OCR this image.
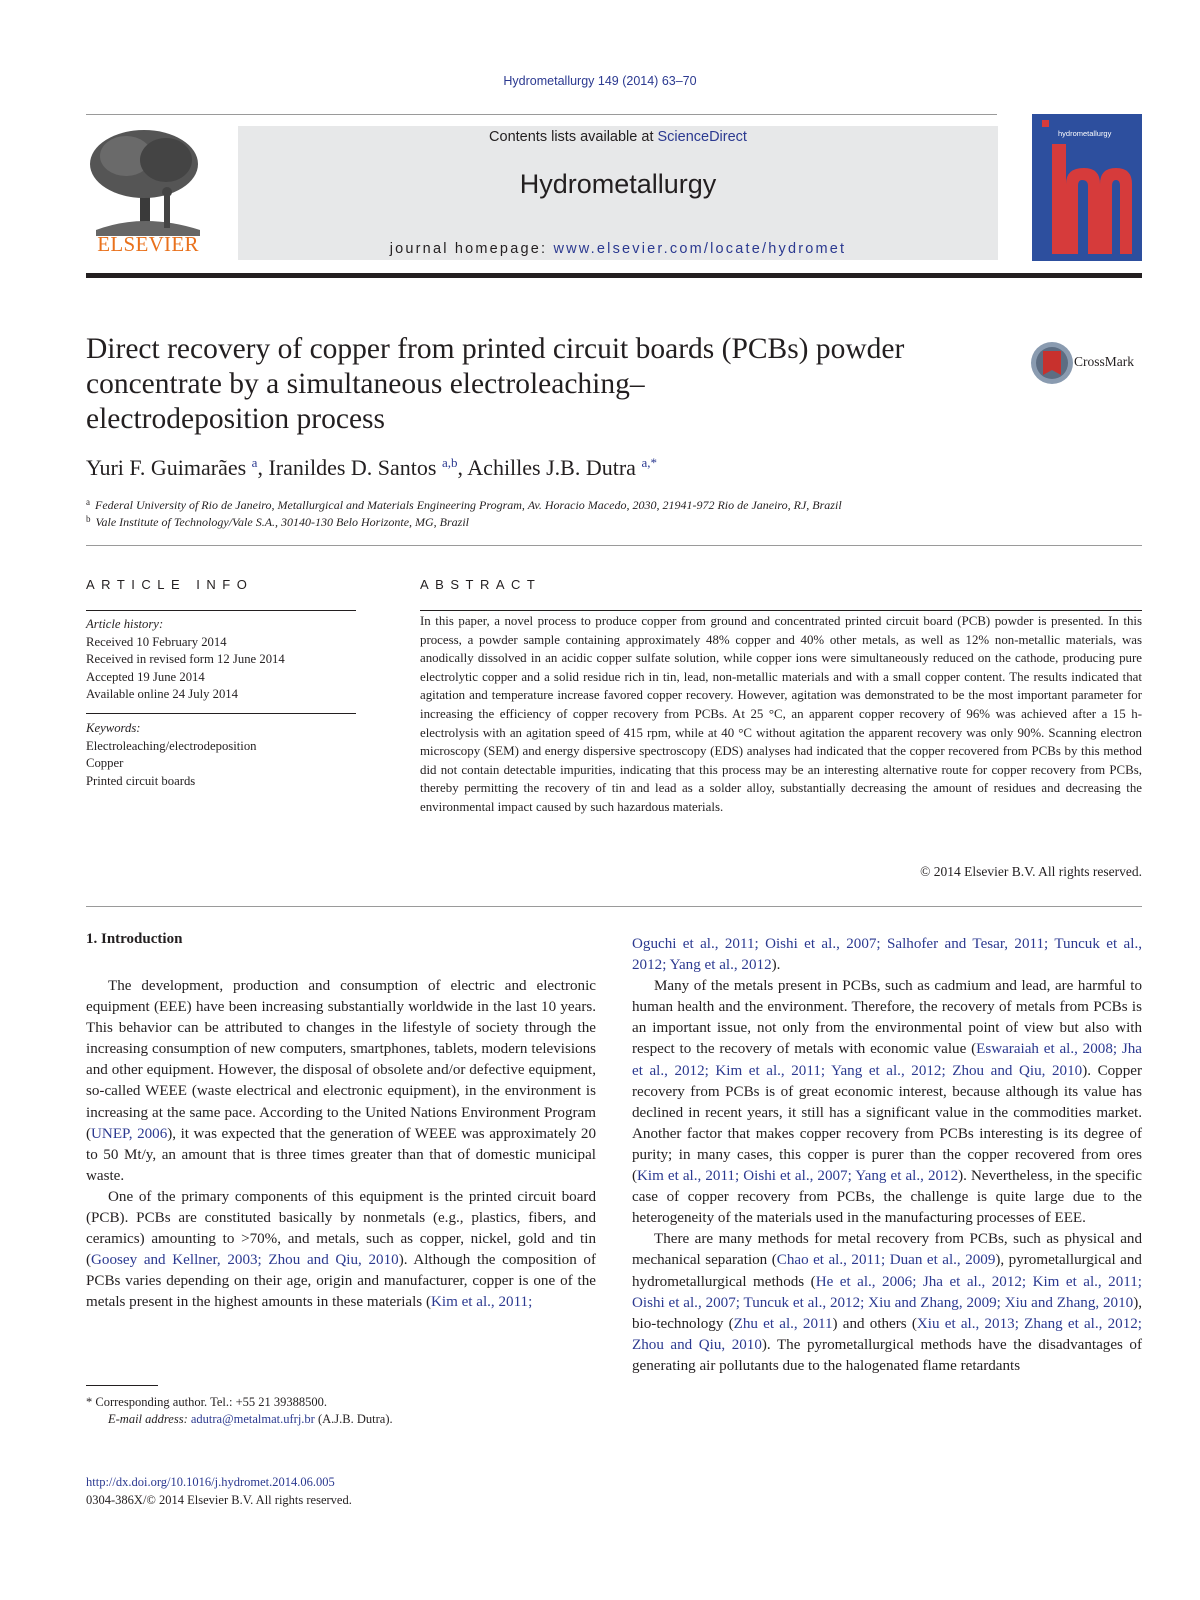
Hydrometallurgy 149 (2014) 63–70
ELSEVIER
Contents lists available at ScienceDirect
Hydrometallurgy
journal homepage: www.elsevier.com/locate/hydromet
hydrometallurgy
Direct recovery of copper from printed circuit boards (PCBs) powder
concentrate by a simultaneous electroleaching–
electrodeposition process
CrossMark
Yuri F. Guimarães $^a$, Iranildes D. Santos $^{a,b}$, Achilles J.B. Dutra $^{a,*}$
$^a$ Federal University of Rio de Janeiro, Metallurgical and Materials Engineering Program, Av. Horacio Macedo, 2030, 21941-972 Rio de Janeiro, RJ, Brazil
$^b$ Vale Institute of Technology/Vale S.A., 30140-130 Belo Horizonte, MG, Brazil
ARTICLE INFO
Article history:
Received 10 February 2014
Received in revised form 12 June 2014
Accepted 19 June 2014
Available online 24 July 2014
Keywords:
Electroleaching/electrodeposition
Copper
Printed circuit boards
ABSTRACT
In this paper, a novel process to produce copper from ground and concentrated printed circuit board (PCB) powder is presented. In this process, a powder sample containing approximately 48% copper and 40% other metals, as well as 12% non-metallic materials, was anodically dissolved in an acidic copper sulfate solution, while copper ions were simultaneously reduced on the cathode, producing pure electrolytic copper and a solid residue rich in tin, lead, non-metallic materials and with a small copper content. The results indicated that agitation and temperature increase favored copper recovery. However, agitation was demonstrated to be the most important parameter for increasing the efficiency of copper recovery from PCBs. At 25 °C, an apparent copper recovery of 96% was achieved after a 15 h-electrolysis with an agitation speed of 415 rpm, while at 40 °C without agitation the apparent recovery was only 90%. Scanning electron microscopy (SEM) and energy dispersive spectroscopy (EDS) analyses had indicated that the copper recovered from PCBs by this method did not contain detectable impurities, indicating that this process may be an interesting alternative route for copper recovery from PCBs, thereby permitting the recovery of tin and lead as a solder alloy, substantially decreasing the amount of residues and decreasing the environmental impact caused by such hazardous materials.
© 2014 Elsevier B.V. All rights reserved.
1. Introduction

The development, production and consumption of electric and electronic equipment (EEE) have been increasing substantially worldwide in the last 10 years. This behavior can be attributed to changes in the lifestyle of society through the increasing consumption of new computers, smartphones, tablets, modern televisions and other equipment. However, the disposal of obsolete and/or defective equipment, so-called WEEE (waste electrical and electronic equipment), in the environment is increasing at the same pace. According to the United Nations Environment Program (UNEP, 2006), it was expected that the generation of WEEE was approximately 20 to 50 Mt/y, an amount that is three times greater than that of domestic municipal waste.

One of the primary components of this equipment is the printed circuit board (PCB). PCBs are constituted basically by nonmetals (e.g., plastics, fibers, and ceramics) amounting to >70%, and metals, such as copper, nickel, gold and tin (Goosey and Kellner, 2003; Zhou and Qiu, 2010). Although the composition of PCBs varies depending on their age, origin and manufacturer, copper is one of the metals present in the highest amounts in these materials (Kim et al., 2011;

Oguchi et al., 2011; Oishi et al., 2007; Salhofer and Tesar, 2011; Tuncuk et al., 2012; Yang et al., 2012).

Many of the metals present in PCBs, such as cadmium and lead, are harmful to human health and the environment. Therefore, the recovery of metals from PCBs is an important issue, not only from the environmental point of view but also with respect to the recovery of metals with economic value (Eswaraiah et al., 2008; Jha et al., 2012; Kim et al., 2011; Yang et al., 2012; Zhou and Qiu, 2010). Copper recovery from PCBs is of great economic interest, because although its value has declined in recent years, it still has a significant value in the commodities market. Another factor that makes copper recovery from PCBs interesting is its degree of purity; in many cases, this copper is purer than the copper recovered from ores (Kim et al., 2011; Oishi et al., 2007; Yang et al., 2012). Nevertheless, in the specific case of copper recovery from PCBs, the challenge is quite large due to the heterogeneity of the materials used in the manufacturing processes of EEE.

There are many methods for metal recovery from PCBs, such as physical and mechanical separation (Chao et al., 2011; Duan et al., 2009), pyrometallurgical and hydrometallurgical methods (He et al., 2006; Jha et al., 2012; Kim et al., 2011; Oishi et al., 2007; Tuncuk et al., 2012; Xiu and Zhang, 2009; Xiu and Zhang, 2010), bio-technology (Zhu et al., 2011) and others (Xiu et al., 2013; Zhang et al., 2012; Zhou and Qiu, 2010). The pyrometallurgical methods have the disadvantages of generating air pollutants due to the halogenated flame retardants

* Corresponding author. Tel.: +55 21 39388500.
E-mail address: adutra@metalmat.ufrj.br (A.J.B. Dutra).
http://dx.doi.org/10.1016/j.hydromet.2014.06.005
0304-386X/© 2014 Elsevier B.V. All rights reserved.
